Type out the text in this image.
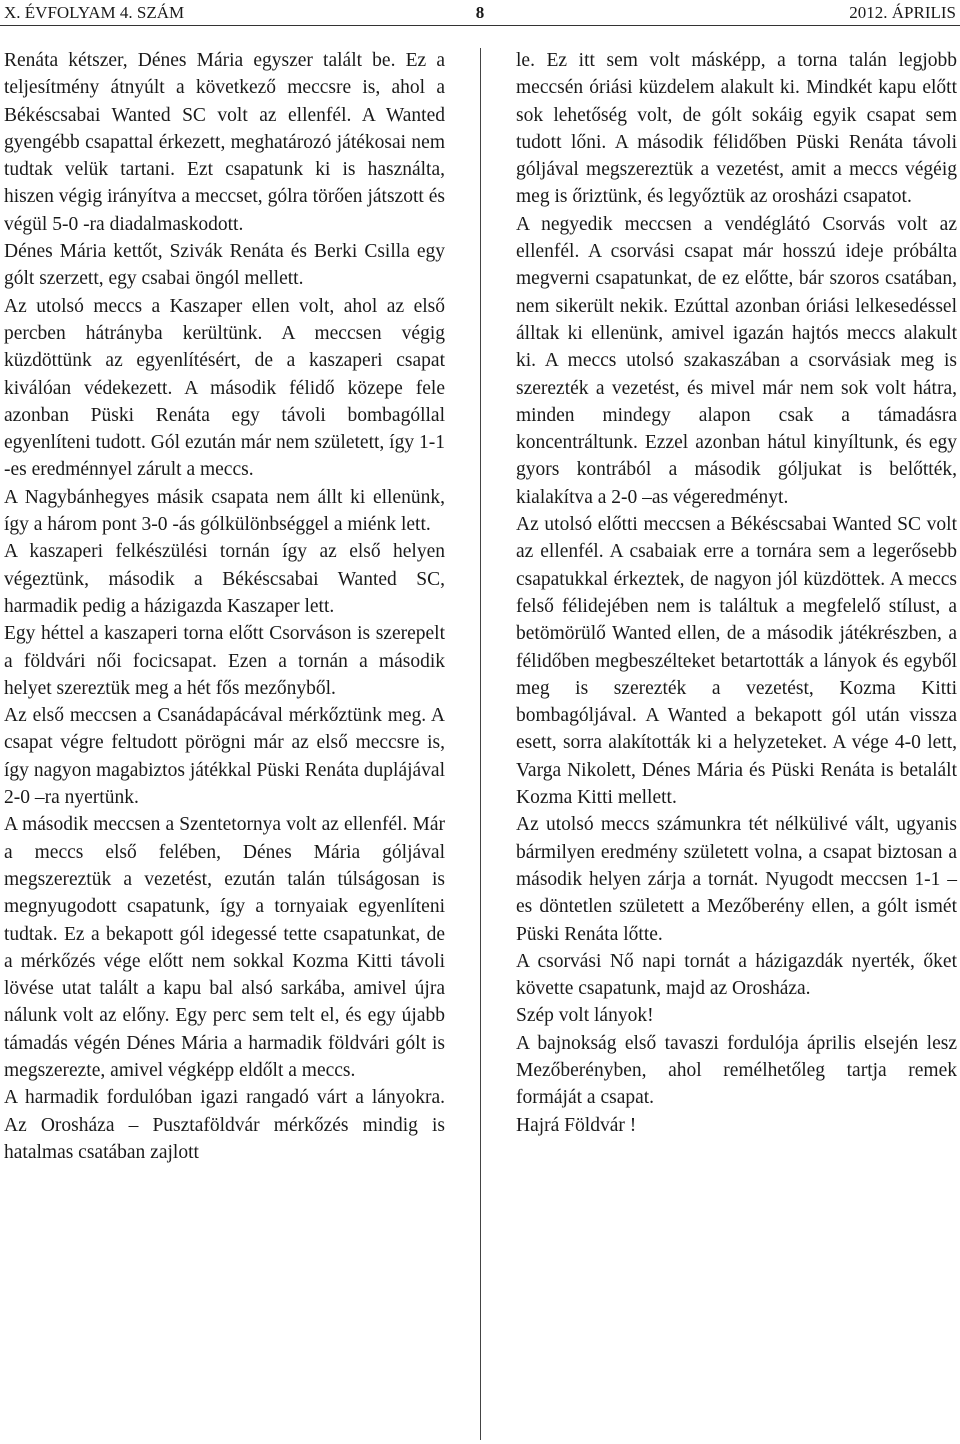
X. ÉVFOLYAM 4. SZÁM	8	2012. ÁPRILIS

Renáta kétszer, Dénes Mária egyszer talált be. Ez a teljesítmény átnyúlt a következő meccsre is, ahol a Békéscsabai Wanted SC volt az ellenfél. A Wanted gyengébb csapattal érkezett, meghatározó játékosai nem tudtak velük tartani. Ezt csapatunk ki is használta, hiszen végig irányítva a meccset, gólra törően játszott és végül 5-0 -ra diadalmaskodott.

Dénes Mária kettőt, Szivák Renáta és Berki Csilla egy gólt szerzett, egy csabai öngól mellett.

Az utolsó meccs a Kaszaper ellen volt, ahol az első percben hátrányba kerültünk. A meccsen végig küzdöttünk az egyenlítésért, de a kaszaperi csapat kiválóan védekezett. A második félidő közepe fele azonban Püski Renáta egy távoli bombagóllal egyenlíteni tudott. Gól ezután már nem született, így 1-1 -es eredménnyel zárult a meccs.

A Nagybánhegyes másik csapata nem állt ki ellenünk, így a három pont 3-0 -ás gólkülönbséggel a miénk lett.

A kaszaperi felkészülési tornán így az első helyen végeztünk, második a Békéscsabai Wanted SC, harmadik pedig a házigazda Kaszaper lett.

Egy héttel a kaszaperi torna előtt Csorváson is szerepelt a földvári női focicsapat. Ezen a tornán a második helyet szereztük meg a hét fős mezőnyből.

Az első meccsen a Csanádapácával mérkőztünk meg. A csapat végre feltudott pörögni már az első meccsre is, így nagyon magabiztos játékkal Püski Renáta duplájával 2-0 –ra nyertünk.

A második meccsen a Szentetornya volt az ellenfél. Már a meccs első felében, Dénes Mária góljával megszereztük a vezetést, ezután talán túlságosan is megnyugodott csapatunk, így a tornyaiak egyenlíteni tudtak. Ez a bekapott gól idegessé tette csapatunkat, de a mérkőzés vége előtt nem sokkal Kozma Kitti távoli lövése utat talált a kapu bal alsó sarkába, amivel újra nálunk volt az előny. Egy perc sem telt el, és egy újabb támadás végén Dénes Mária a harmadik földvári gólt is megszerezte, amivel végképp eldőlt a meccs.

A harmadik fordulóban igazi rangadó várt a lányokra. Az Orosháza – Pusztaföldvár mérkőzés mindig is hatalmas csatában zajlott

le. Ez itt sem volt másképp, a torna talán legjobb meccsén óriási küzdelem alakult ki. Mindkét kapu előtt sok lehetőség volt, de gólt sokáig egyik csapat sem tudott lőni. A második félidőben Püski Renáta távoli góljával megszereztük a vezetést, amit a meccs végéig meg is őriztünk, és legyőztük az orosházi csapatot.

A negyedik meccsen a vendéglátó Csorvás volt az ellenfél. A csorvási csapat már hosszú ideje próbálta megverni csapatunkat, de ez előtte, bár szoros csatában, nem sikerült nekik. Ezúttal azonban óriási lelkesedéssel álltak ki ellenünk, amivel igazán hajtós meccs alakult ki. A meccs utolsó szakaszában a csorvásiak meg is szerezték a vezetést, és mivel már nem sok volt hátra, minden mindegy alapon csak a támadásra koncentráltunk. Ezzel azonban hátul kinyíltunk, és egy gyors kontrából a második góljukat is belőtték, kialakítva a 2-0 –as végeredményt.

Az utolsó előtti meccsen a Békéscsabai Wanted SC volt az ellenfél. A csabaiak erre a tornára sem a legerősebb csapatukkal érkeztek, de nagyon jól küzdöttek. A meccs felső félidejében nem is találtuk a megfelelő stílust, a betömörülő Wanted ellen, de a második játékrészben, a félidőben megbeszélteket betartották a lányok és egyből meg is szerezték a vezetést, Kozma Kitti bombagóljával. A Wanted a bekapott gól után vissza esett, sorra alakították ki a helyzeteket. A vége 4-0 lett, Varga Nikolett, Dénes Mária és Püski Renáta is betalált Kozma Kitti mellett.

Az utolsó meccs számunkra tét nélkülivé vált, ugyanis bármilyen eredmény született volna, a csapat biztosan a második helyen zárja a tornát. Nyugodt meccsen 1-1 –es döntetlen született a Mezőberény ellen, a gólt ismét Püski Renáta lőtte.

A csorvási Nő napi tornát a házigazdák nyerték, őket követte csapatunk, majd az Orosháza.

Szép volt lányok!

A bajnokság első tavaszi fordulója április elsején lesz Mezőberényben, ahol remélhetőleg tartja remek formáját a csapat.

Hajrá Földvár !
